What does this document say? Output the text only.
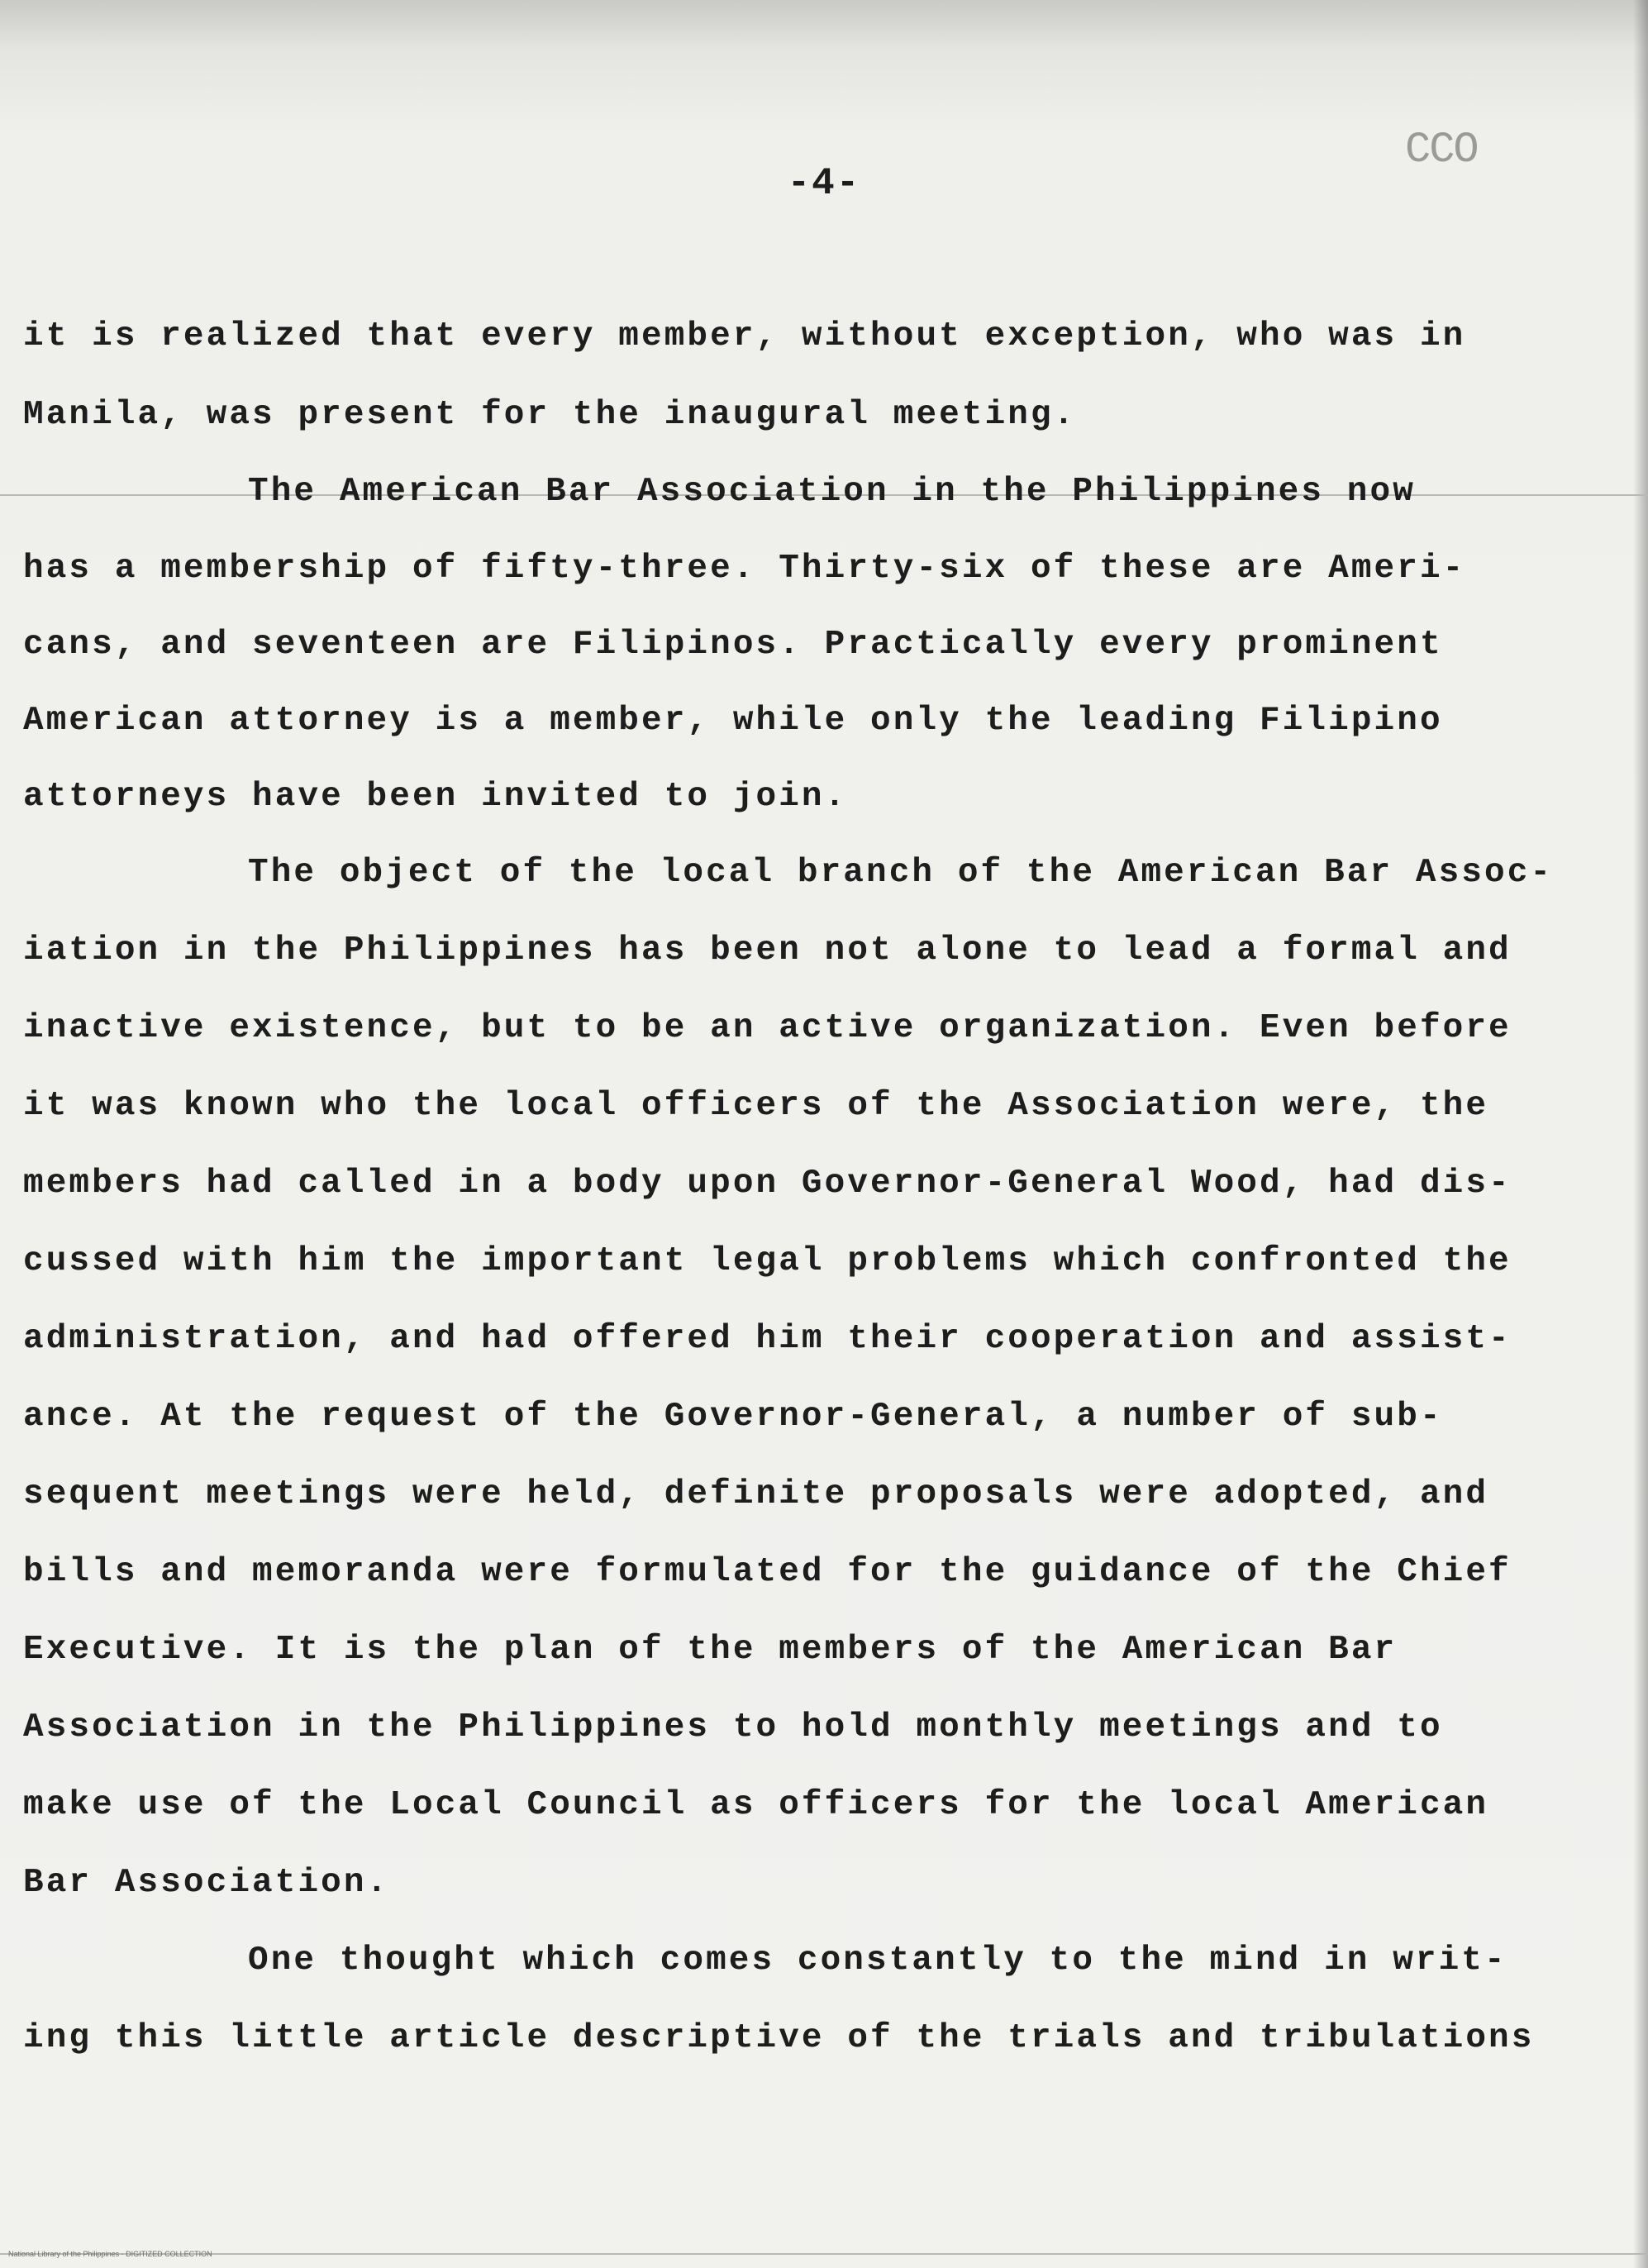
CCO
-4-
it is realized that every member, without exception, who was in
Manila, was present for the inaugural meeting.
The American Bar Association in the Philippines now
has a membership of fifty-three. Thirty-six of these are Ameri-
cans, and seventeen are Filipinos. Practically every prominent
American attorney is a member, while only the leading Filipino
attorneys have been invited to join.
The object of the local branch of the American Bar Assoc-
iation in the Philippines has been not alone to lead a formal and
inactive existence, but to be an active organization. Even before
it was known who the local officers of the Association were, the
members had called in a body upon Governor-General Wood, had dis-
cussed with him the important legal problems which confronted the
administration, and had offered him their cooperation and assist-
ance. At the request of the Governor-General, a number of sub-
sequent meetings were held, definite proposals were adopted, and
bills and memoranda were formulated for the guidance of the Chief
Executive. It is the plan of the members of the American Bar
Association in the Philippines to hold monthly meetings and to
make use of the Local Council as officers for the local American
Bar Association.
One thought which comes constantly to the mind in writ-
ing this little article descriptive of the trials and tribulations
National Library of the Philippines · DIGITIZED COLLECTION
